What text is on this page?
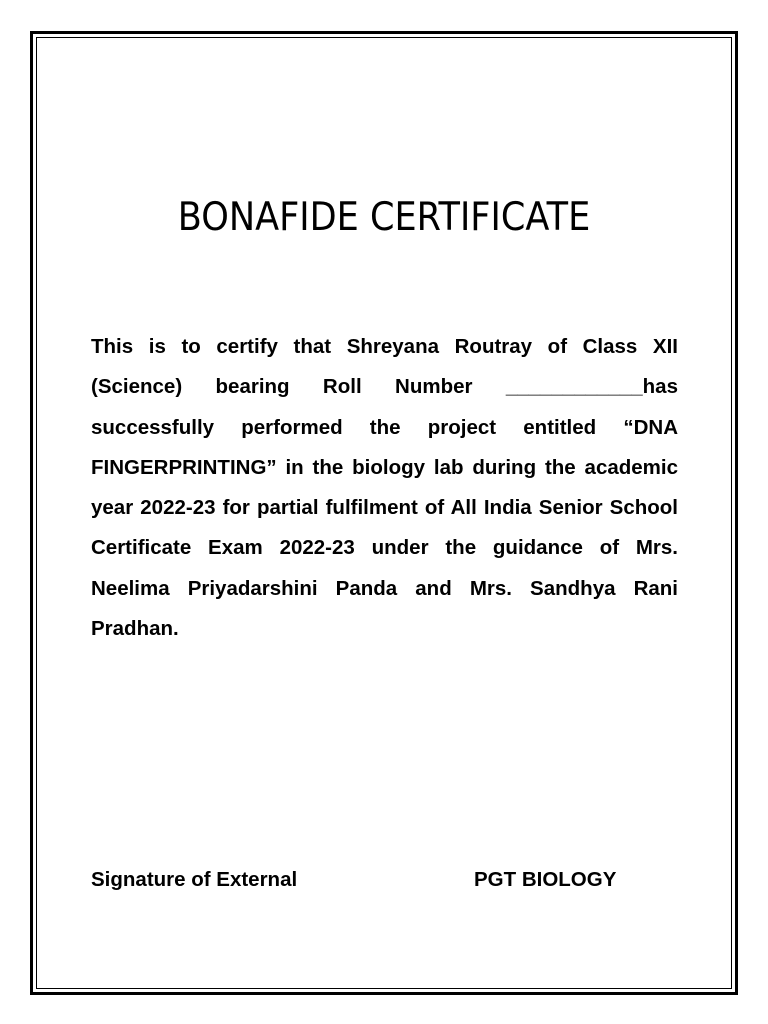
BONAFIDE CERTIFICATE

This is to certify that Shreyana Routray of Class XII (Science) bearing Roll Number ____________has successfully performed the project entitled “DNA FINGERPRINTING” in the biology lab during the academic year 2022-23 for partial fulfilment of All India Senior School Certificate Exam 2022-23 under the guidance of Mrs. Neelima Priyadarshini Panda and Mrs. Sandhya Rani Pradhan.

Signature of External	PGT BIOLOGY
